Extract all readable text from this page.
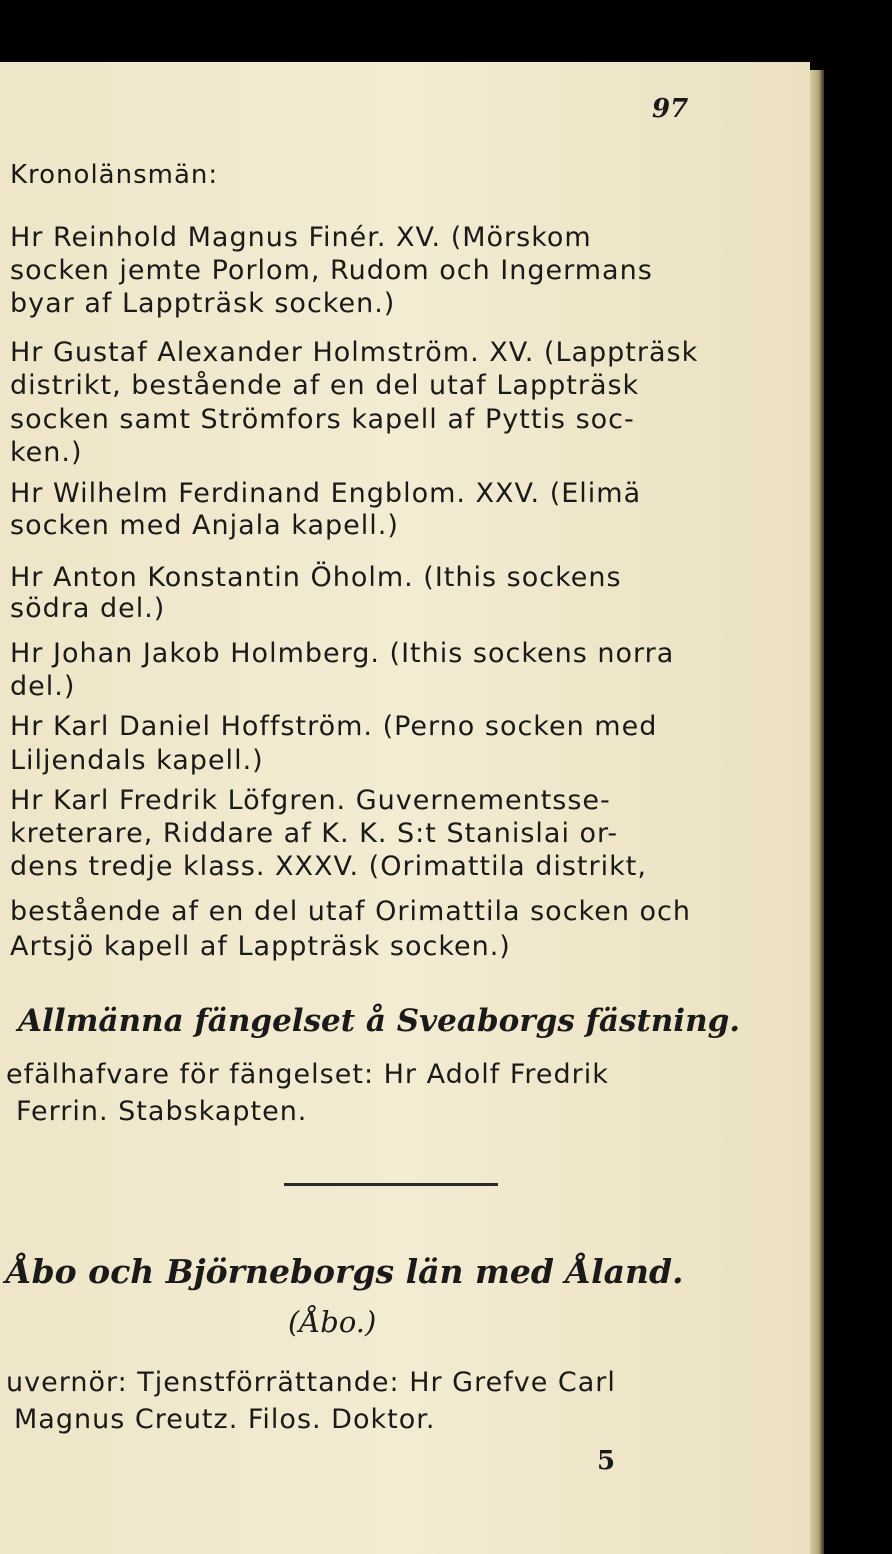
97
Kronolänsmän:
Hr Reinhold Magnus Finér. XV. (Mörskom
socken jemte Porlom, Rudom och Ingermans
byar af Lappträsk socken.)
Hr Gustaf Alexander Holmström. XV. (Lappträsk
distrikt, bestående af en del utaf Lappträsk
socken samt Strömfors kapell af Pyttis soc-
ken.)
Hr Wilhelm Ferdinand Engblom. XXV. (Elimä
socken med Anjala kapell.)
Hr Anton Konstantin Öholm. (Ithis sockens
södra del.)
Hr Johan Jakob Holmberg. (Ithis sockens norra
del.)
Hr Karl Daniel Hoffström. (Perno socken med
Liljendals kapell.)
Hr Karl Fredrik Löfgren. Guvernementsse-
kreterare, Riddare af K. K. S:t Stanislai or-
dens tredje klass. XXXV. (Orimattila distrikt,
bestående af en del utaf Orimattila socken och
Artsjö kapell af Lappträsk socken.)
Allmänna fängelset å Sveaborgs fästning.
efälhafvare för fängelset: Hr Adolf Fredrik
Ferrin. Stabskapten.
Åbo och Björneborgs län med Åland.
(Åbo.)
uvernör: Tjenstförrättande: Hr Grefve Carl
Magnus Creutz. Filos. Doktor.
5
